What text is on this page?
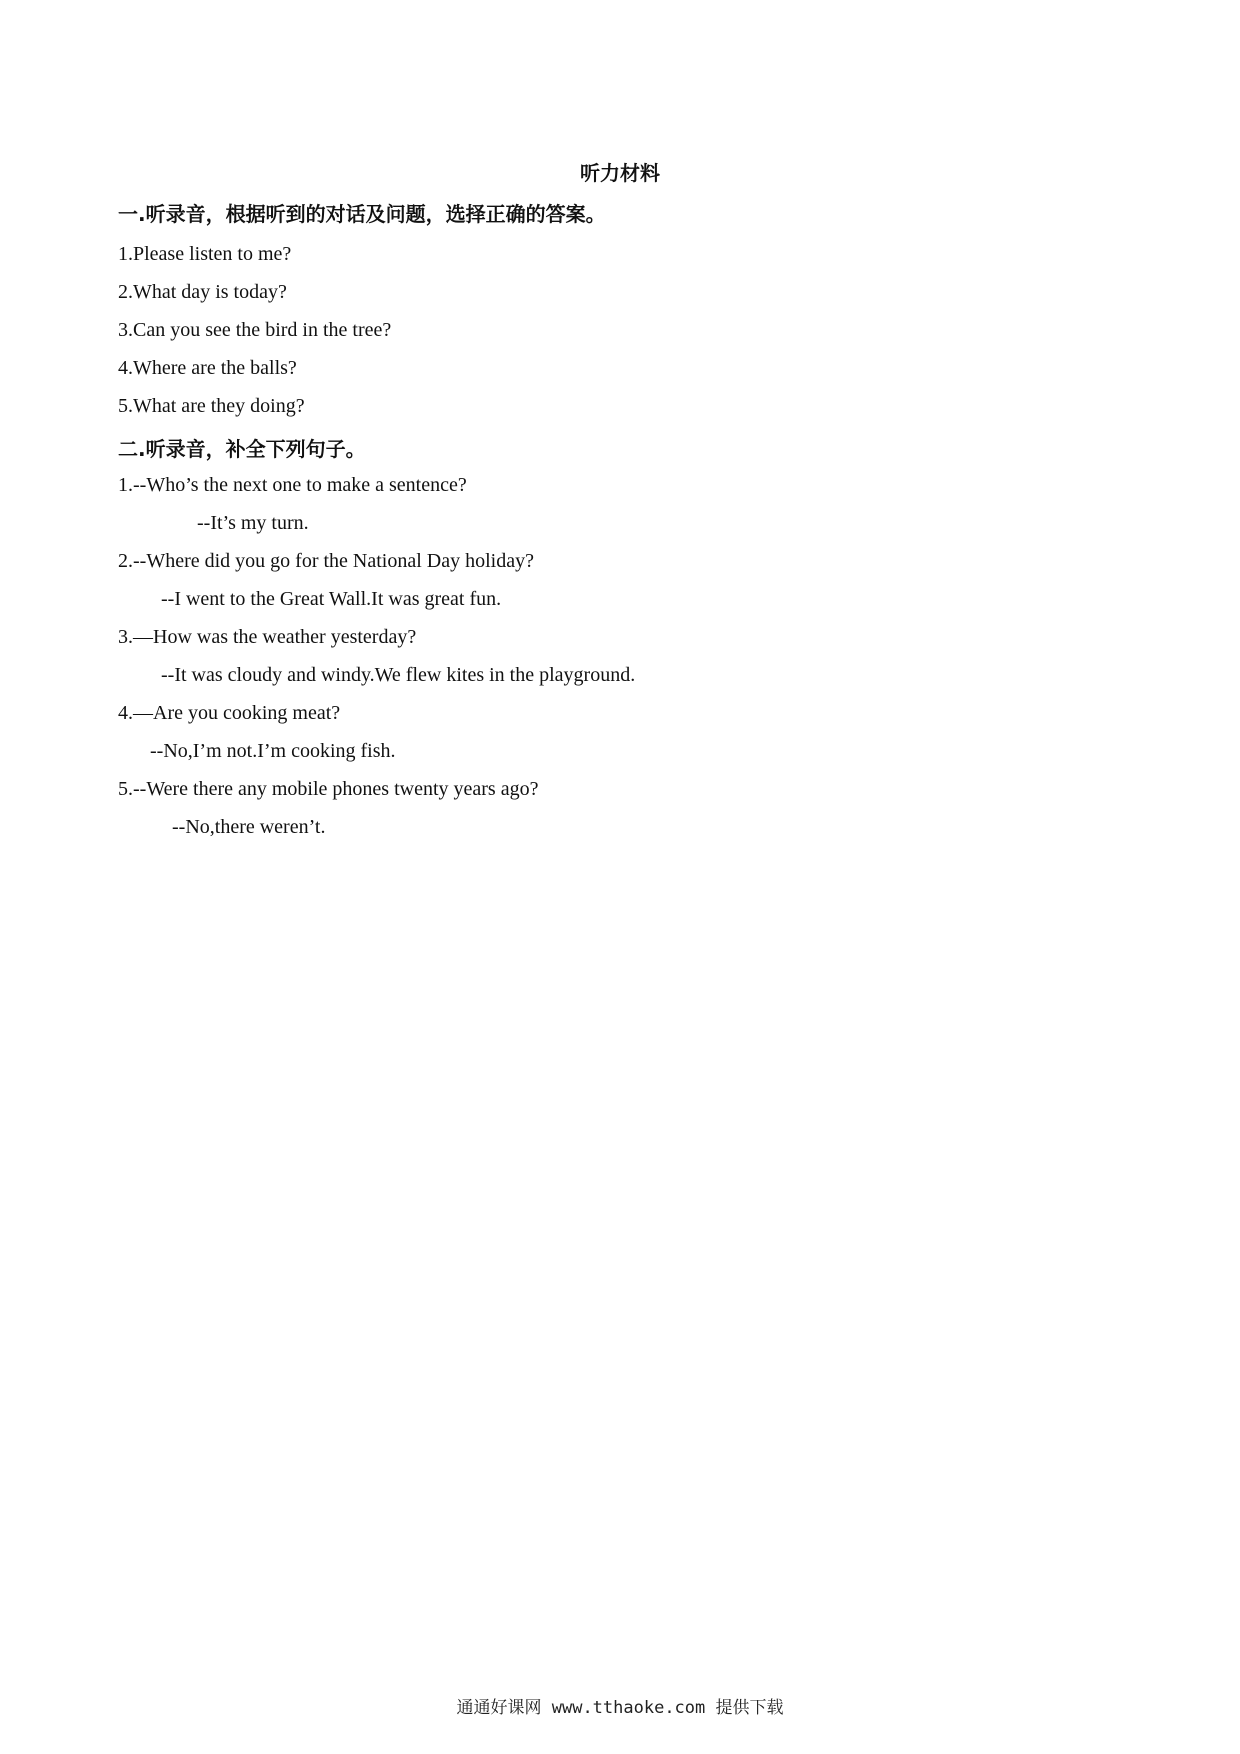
听力材料
一.听录音，根据听到的对话及问题，选择正确的答案。
1.Please listen to me?
2.What day is today?
3.Can you see the bird in the tree?
4.Where are the balls?
5.What are they doing?
二.听录音，补全下列句子。
1.--Who’s the next one to make a sentence?
--It’s my turn.
2.--Where did you go for the National Day holiday?
--I went to the Great Wall.It was great fun.
3.—How was the weather yesterday?
--It was cloudy and windy.We flew kites in the playground.
4.—Are you cooking meat?
--No,I’m not.I’m cooking fish.
5.--Were there any mobile phones twenty years ago?
--No,there weren’t.
通通好课网 www.tthaoke.com 提供下载
